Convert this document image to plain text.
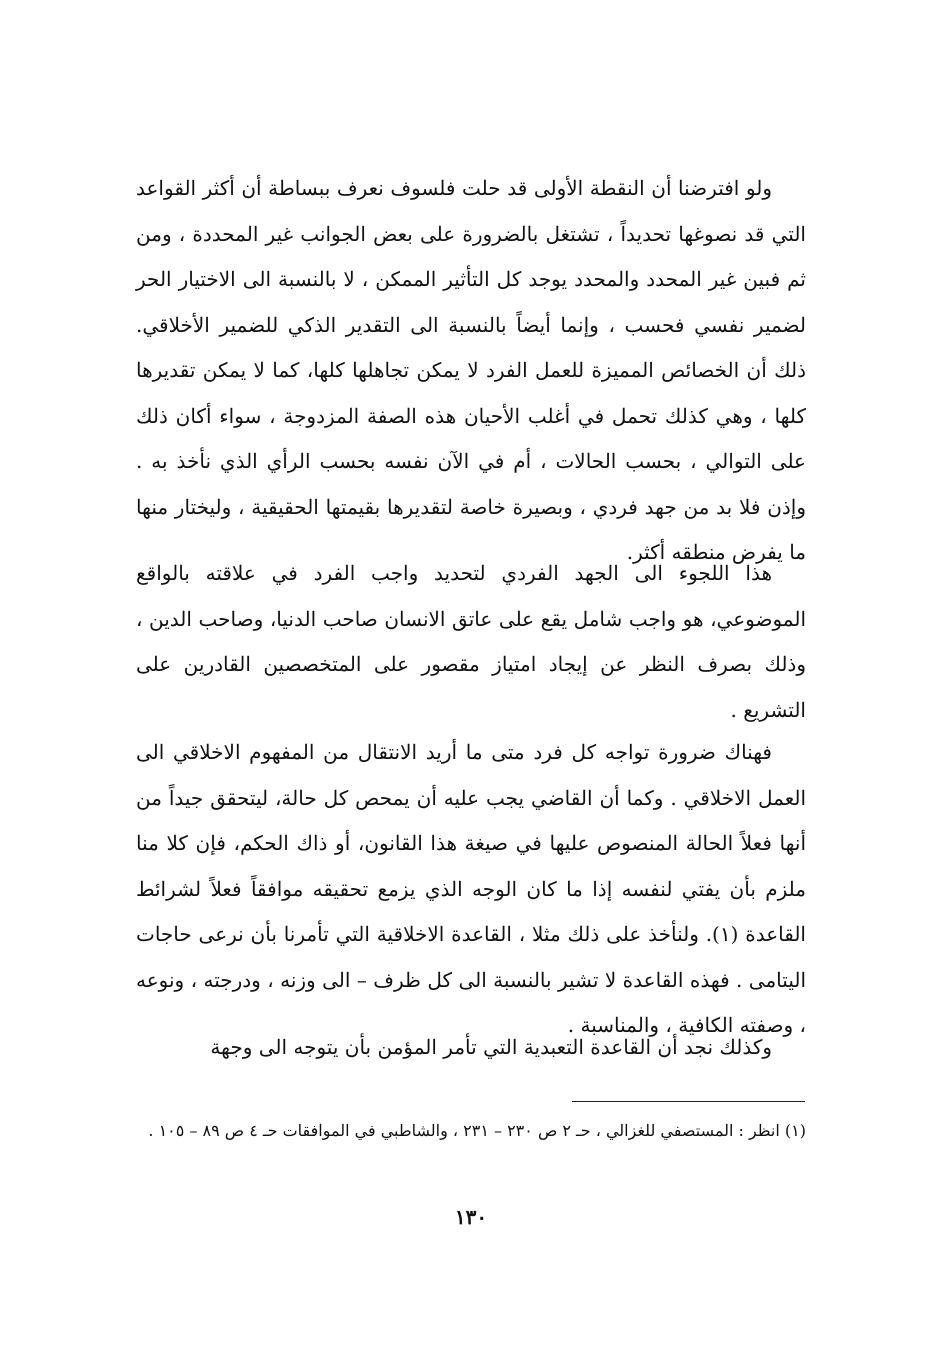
ولو افترضنا أن النقطة الأولى قد حلت فلسوف نعرف ببساطة أن أكثر القواعد التي قد نصوغها تحديداً ، تشتغل بالضرورة على بعض الجوانب غير المحددة ، ومن ثم فبين غير المحدد والمحدد يوجد كل التأثير الممكن ، لا بالنسبة الى الاختيار الحر لضمير نفسي فحسب ، وإنما أيضاً بالنسبة الى التقدير الذكي للضمير الأخلاقي. ذلك أن الخصائص المميزة للعمل الفرد لا يمكن تجاهلها كلها، كما لا يمكن تقديرها كلها ، وهي كذلك تحمل في أغلب الأحيان هذه الصفة المزدوجة ، سواء أكان ذلك على التوالي ، بحسب الحالات ، أم في الآن نفسه بحسب الرأي الذي نأخذ به . وإذن فلا بد من جهد فردي ، وبصيرة خاصة لتقديرها بقيمتها الحقيقية ، وليختار منها ما يفرض منطقه أكثر.

هذا اللجوء الى الجهد الفردي لتحديد واجب الفرد في علاقته بالواقع الموضوعي، هو واجب شامل يقع على عاتق الانسان صاحب الدنيا، وصاحب الدين ، وذلك بصرف النظر عن إيجاد امتياز مقصور على المتخصصين القادرين على التشريع .

فهناك ضرورة تواجه كل فرد متى ما أريد الانتقال من المفهوم الاخلاقي الى العمل الاخلاقي . وكما أن القاضي يجب عليه أن يمحص كل حالة، ليتحقق جيداً من أنها فعلاً الحالة المنصوص عليها في صيغة هذا القانون، أو ذاك الحكم، فإن كلا منا ملزم بأن يفتي لنفسه إذا ما كان الوجه الذي يزمع تحقيقه موافقاً فعلاً لشرائط القاعدة (١). ولنأخذ على ذلك مثلا ، القاعدة الاخلاقية التي تأمرنا بأن نرعى حاجات اليتامى . فهذه القاعدة لا تشير بالنسبة الى كل ظرف – الى وزنه ، ودرجته ، ونوعه ، وصفته الكافية ، والمناسبة .

وكذلك نجد أن القاعدة التعبدية التي تأمر المؤمن بأن يتوجه الى وجهة

(١) انظر : المستصفي للغزالي ، حـ ٢ ص ٢٣٠ – ٢٣١ ، والشاطبي في الموافقات حـ ٤ ص ٨٩ – ١٠٥ .

١٣٠
